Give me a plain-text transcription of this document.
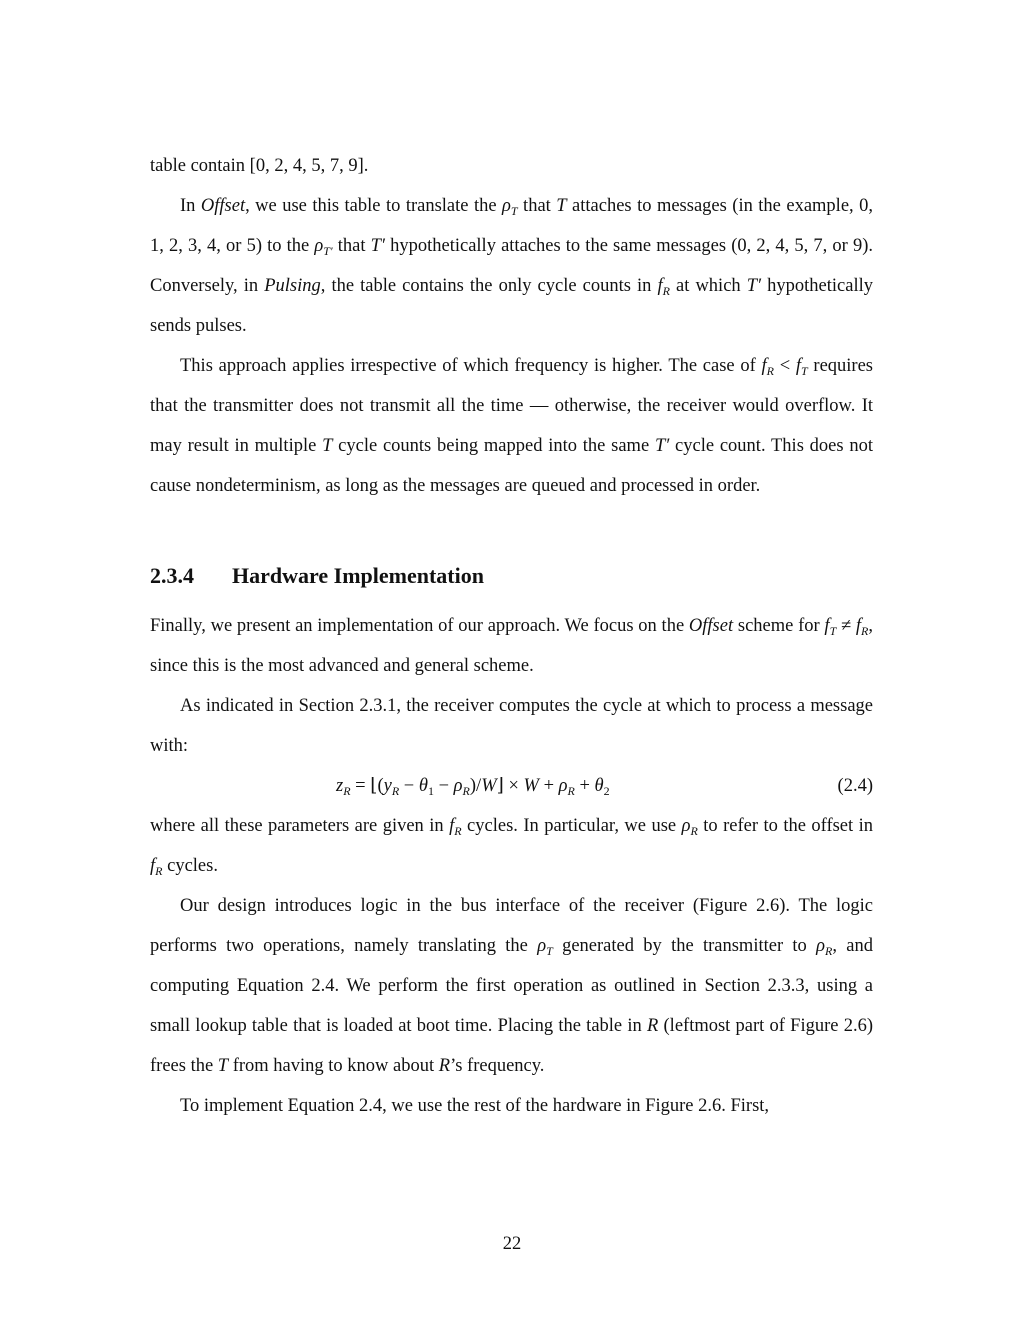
table contain [0, 2, 4, 5, 7, 9].

In Offset, we use this table to translate the $\rho_T$ that T attaches to messages (in the example, 0, 1, 2, 3, 4, or 5) to the $\rho_{T'}$ that T′ hypothetically attaches to the same messages (0, 2, 4, 5, 7, or 9). Conversely, in Pulsing, the table contains the only cycle counts in $f_R$ at which T′ hypothetically sends pulses.

This approach applies irrespective of which frequency is higher. The case of $f_R < f_T$ requires that the transmitter does not transmit all the time — otherwise, the receiver would overflow. It may result in multiple T cycle counts being mapped into the same T′ cycle count. This does not cause nondeterminism, as long as the messages are queued and processed in order.

2.3.4	Hardware Implementation

Finally, we present an implementation of our approach. We focus on the Offset scheme for $f_T \ne f_R$, since this is the most advanced and general scheme.

As indicated in Section 2.3.1, the receiver computes the cycle at which to process a message with:

$z_R$ = $⌊(y_R - \theta_1$ − $\rho_R)/W⌋ \times W + \rho_R + \theta_2$	(2.4)

where all these parameters are given in $f_R$ cycles. In particular, we use $\rho_R$ to refer to the offset in $f_R$ cycles.

Our design introduces logic in the bus interface of the receiver (Figure 2.6). The logic performs two operations, namely translating the $\rho_T$ generated by the transmitter to $\rho_R$, and computing Equation 2.4. We perform the first operation as outlined in Section 2.3.3, using a small lookup table that is loaded at boot time. Placing the table in R (leftmost part of Figure 2.6) frees the T from having to know about R’s frequency.

To implement Equation 2.4, we use the rest of the hardware in Figure 2.6. First,

22
